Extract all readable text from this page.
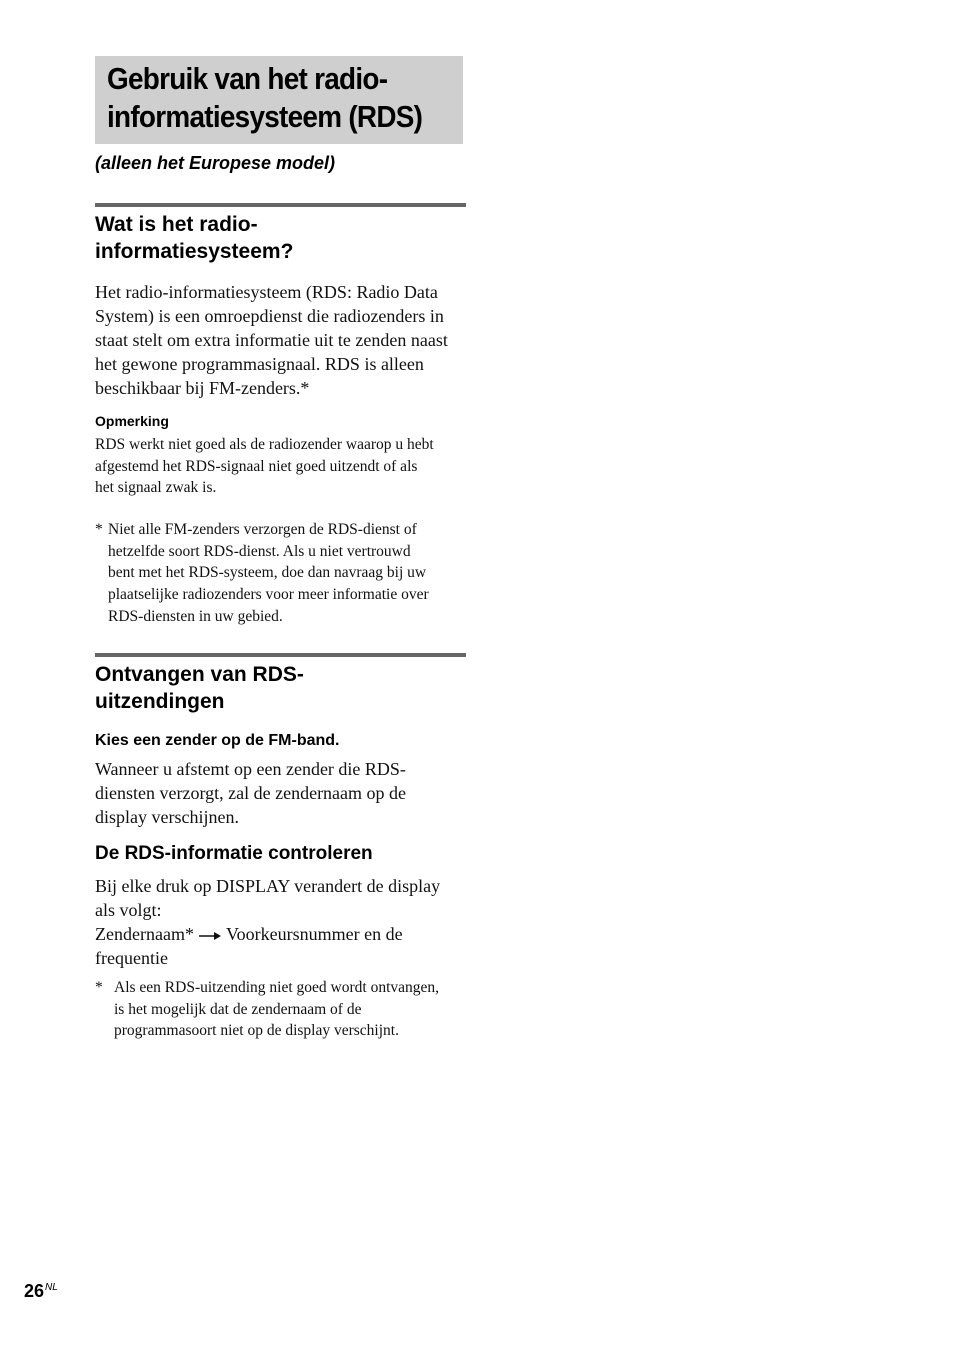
Gebruik van het radio-
informatiesysteem (RDS)
(alleen het Europese model)
Wat is het radio-
informatiesysteem?

Het radio-informatiesysteem (RDS: Radio Data
System) is een omroepdienst die radiozenders in
staat stelt om extra informatie uit te zenden naast
het gewone programmasignaal. RDS is alleen
beschikbaar bij FM-zenders.*

Opmerking

RDS werkt niet goed als de radiozender waarop u hebt
afgestemd het RDS-signaal niet goed uitzendt of als
het signaal zwak is.

* Niet alle FM-zenders verzorgen de RDS-dienst of
hetzelfde soort RDS-dienst. Als u niet vertrouwd
bent met het RDS-systeem, doe dan navraag bij uw
plaatselijke radiozenders voor meer informatie over
RDS-diensten in uw gebied.
Ontvangen van RDS-
uitzendingen
Kies een zender op de FM-band.

Wanneer u afstemt op een zender die RDS-
diensten verzorgt, zal de zendernaam op de
display verschijnen.

De RDS-informatie controleren

Bij elke druk op DISPLAY verandert de display
als volgt:
Zendernaam* Voorkeursnummer en de
frequentie

* Als een RDS-uitzending niet goed wordt ontvangen,
is het mogelijk dat de zendernaam of de
programmasoort niet op de display verschijnt.
$26^{NL}$
